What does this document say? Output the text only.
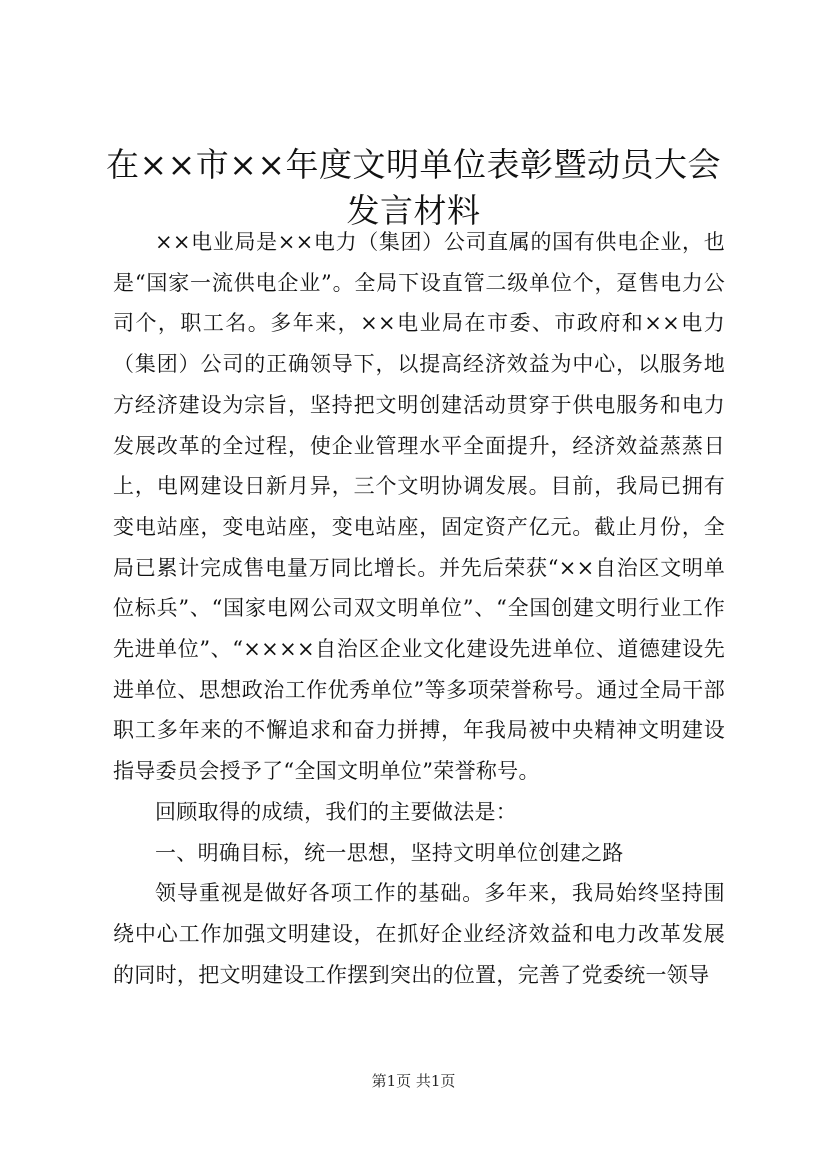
在××市××年度文明单位表彰暨动员大会发言材料

××电业局是××电力（集团）公司直属的国有供电企业，也是“国家一流供电企业”。全局下设直管二级单位个，趸售电力公司个，职工名。多年来，××电业局在市委、市政府和××电力（集团）公司的正确领导下，以提高经济效益为中心，以服务地方经济建设为宗旨，坚持把文明创建活动贯穿于供电服务和电力发展改革的全过程，使企业管理水平全面提升，经济效益蒸蒸日上，电网建设日新月异，三个文明协调发展。目前，我局已拥有变电站座，变电站座，变电站座，固定资产亿元。截止月份，全局已累计完成售电量万同比增长。并先后荣获“××自治区文明单位标兵”、“国家电网公司双文明单位”、“全国创建文明行业工作先进单位”、“××××自治区企业文化建设先进单位、道德建设先进单位、思想政治工作优秀单位”等多项荣誉称号。通过全局干部职工多年来的不懈追求和奋力拼搏，年我局被中央精神文明建设指导委员会授予了“全国文明单位”荣誉称号。

回顾取得的成绩，我们的主要做法是：

一、明确目标，统一思想，坚持文明单位创建之路

领导重视是做好各项工作的基础。多年来，我局始终坚持围绕中心工作加强文明建设，在抓好企业经济效益和电力改革发展的同时，把文明建设工作摆到突出的位置，完善了党委统一领导

第1页 共1页
